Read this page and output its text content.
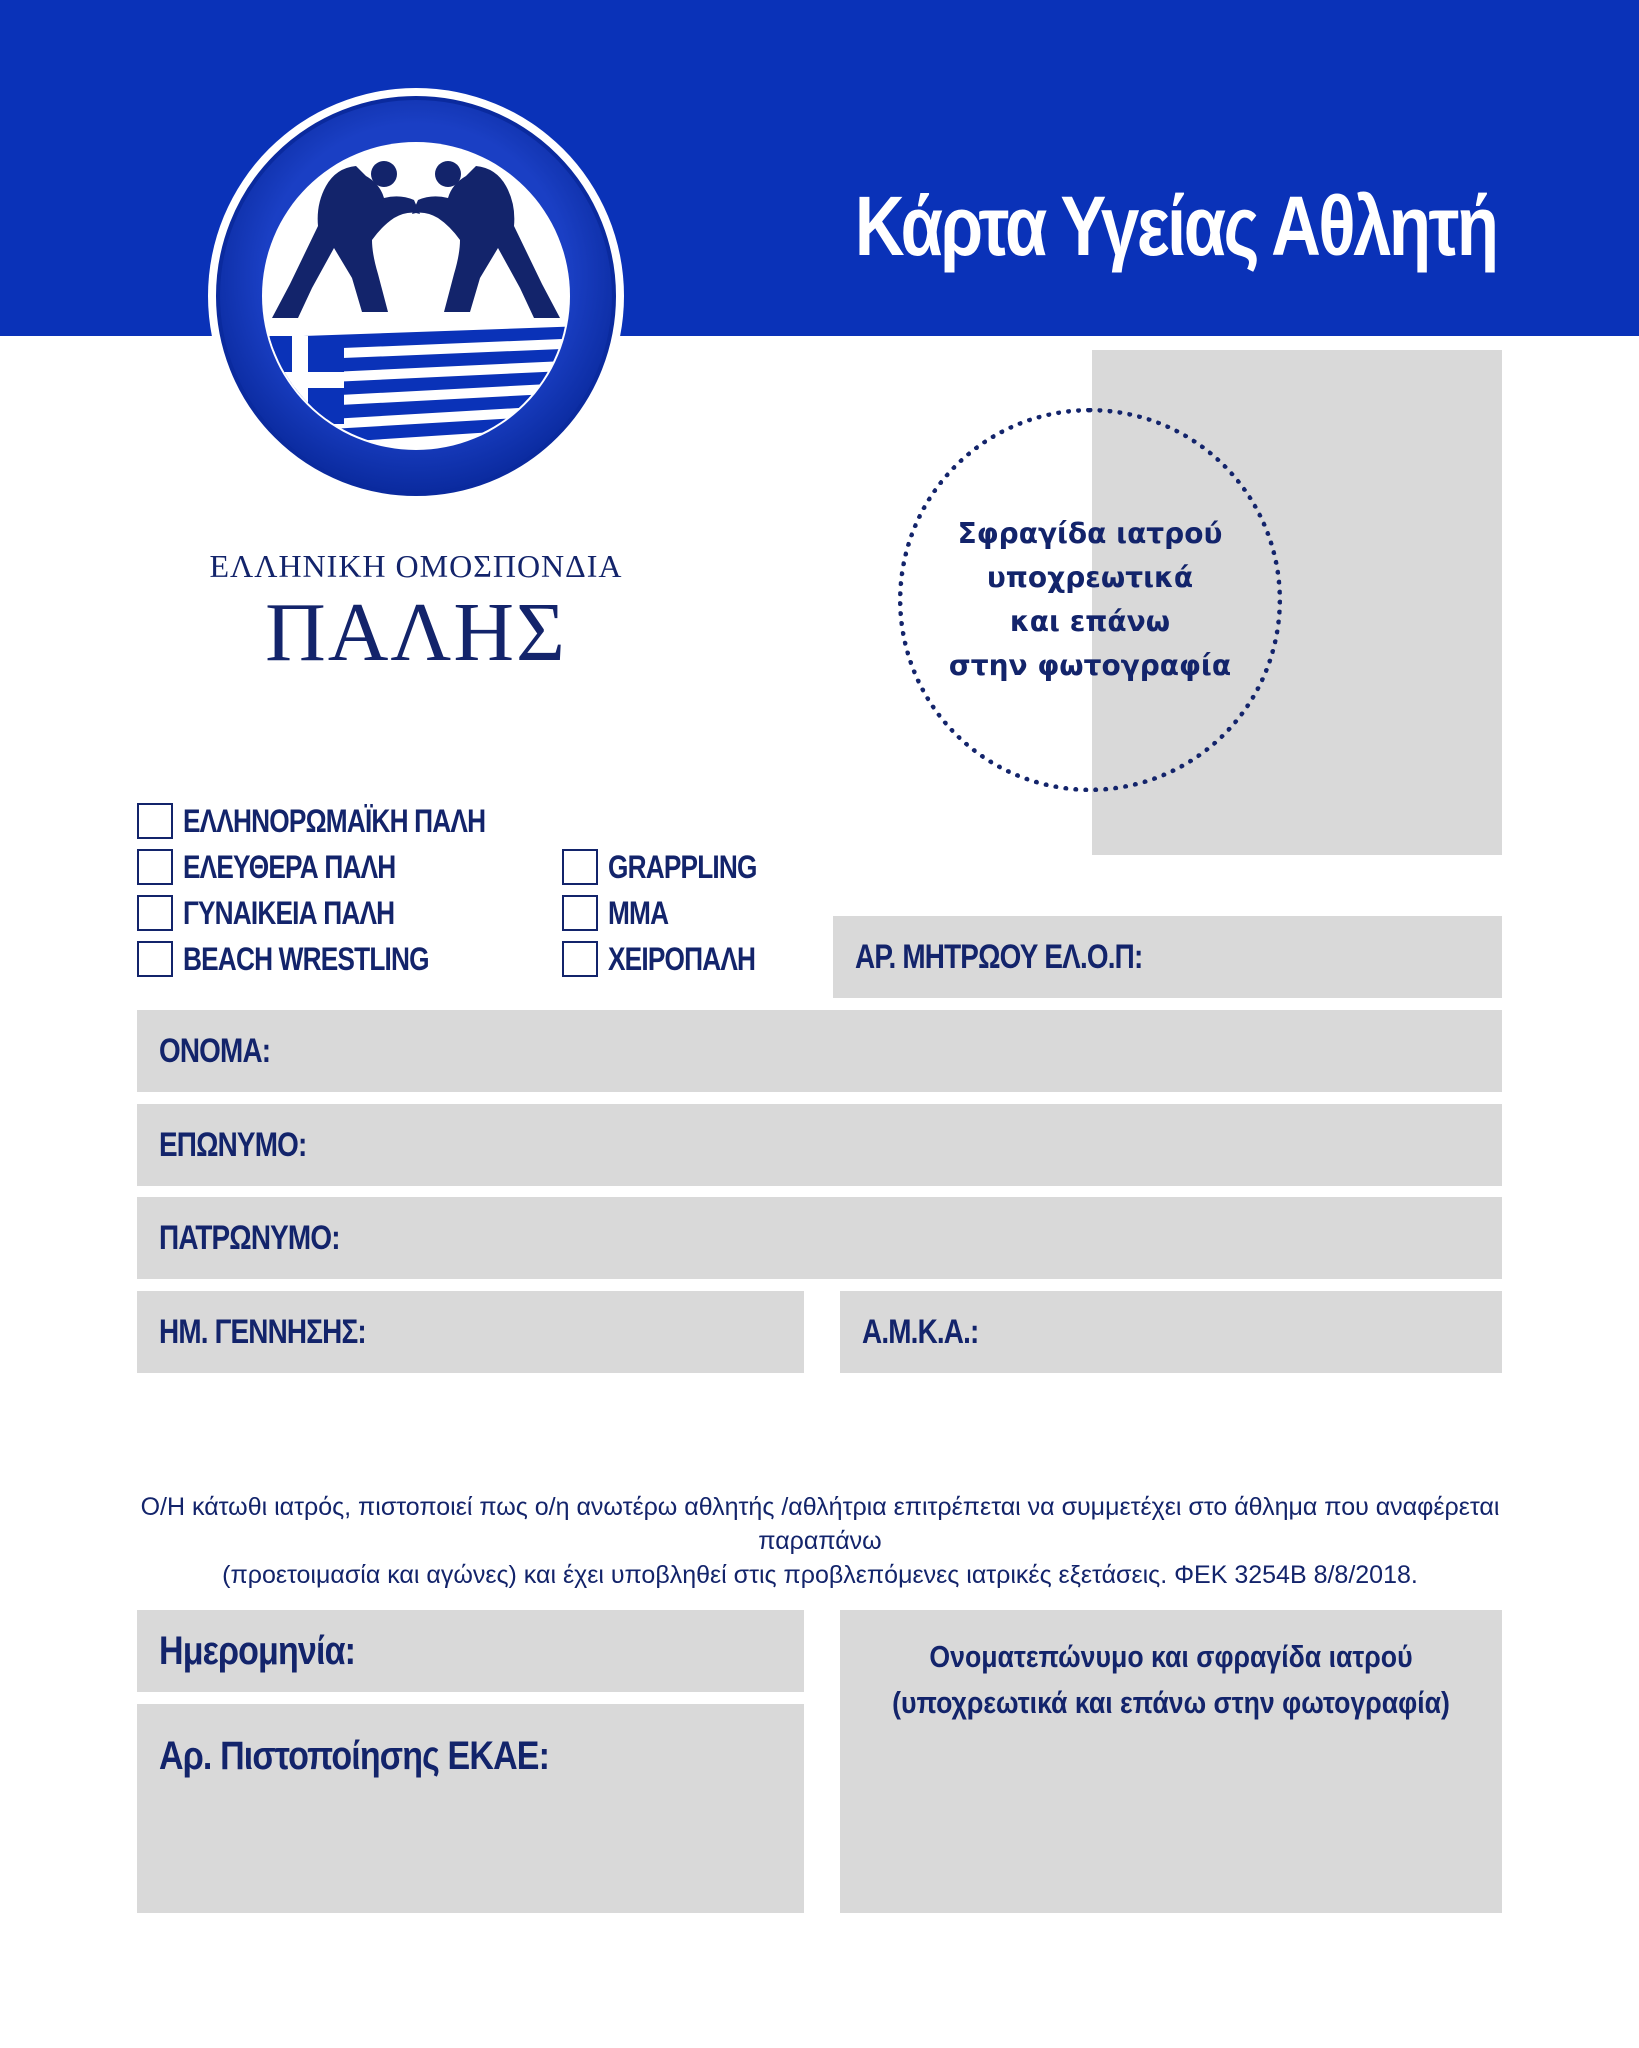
Κάρτα Υγείας Αθλητή
ΕΛΛΗΝΙΚΗ ΟΜΟΣΠΟΝΔΙΑ
ΠΑΛΗΣ
Σφραγίδα ιατρού
υποχρεωτικά
και επάνω
στην φωτογραφία
ΕΛΛΗΝΟΡΩΜΑΪΚΗ ΠΑΛΗ
ΕΛΕΥΘΕΡΑ ΠΑΛΗ
ΓΥΝΑΙΚΕΙΑ ΠΑΛΗ
BEACH WRESTLING
GRAPPLING
MMA
ΧΕΙΡΟΠΑΛΗ	ΑΡ. ΜΗΤΡΩΟΥ ΕΛ.Ο.Π:
ΟΝΟΜΑ:
ΕΠΩΝΥΜΟ:
ΠΑΤΡΩΝΥΜΟ:
ΗΜ. ΓΕΝΝΗΣΗΣ:	Α.Μ.Κ.Α.:
Ο/Η κάτωθι ιατρός, πιστοποιεί πως ο/η ανωτέρω αθλητής /αθλήτρια επιτρέπεται να συμμετέχει στο άθλημα που αναφέρεται παραπάνω
(προετοιμασία και αγώνες) και έχει υποβληθεί στις προβλεπόμενες ιατρικές εξετάσεις. ΦΕΚ 3254Β 8/8/2018.
Ημερομηνία:
Αρ. Πιστοποίησης ΕΚΑΕ:
Ονοματεπώνυμο και σφραγίδα ιατρού
(υποχρεωτικά και επάνω στην φωτογραφία)
